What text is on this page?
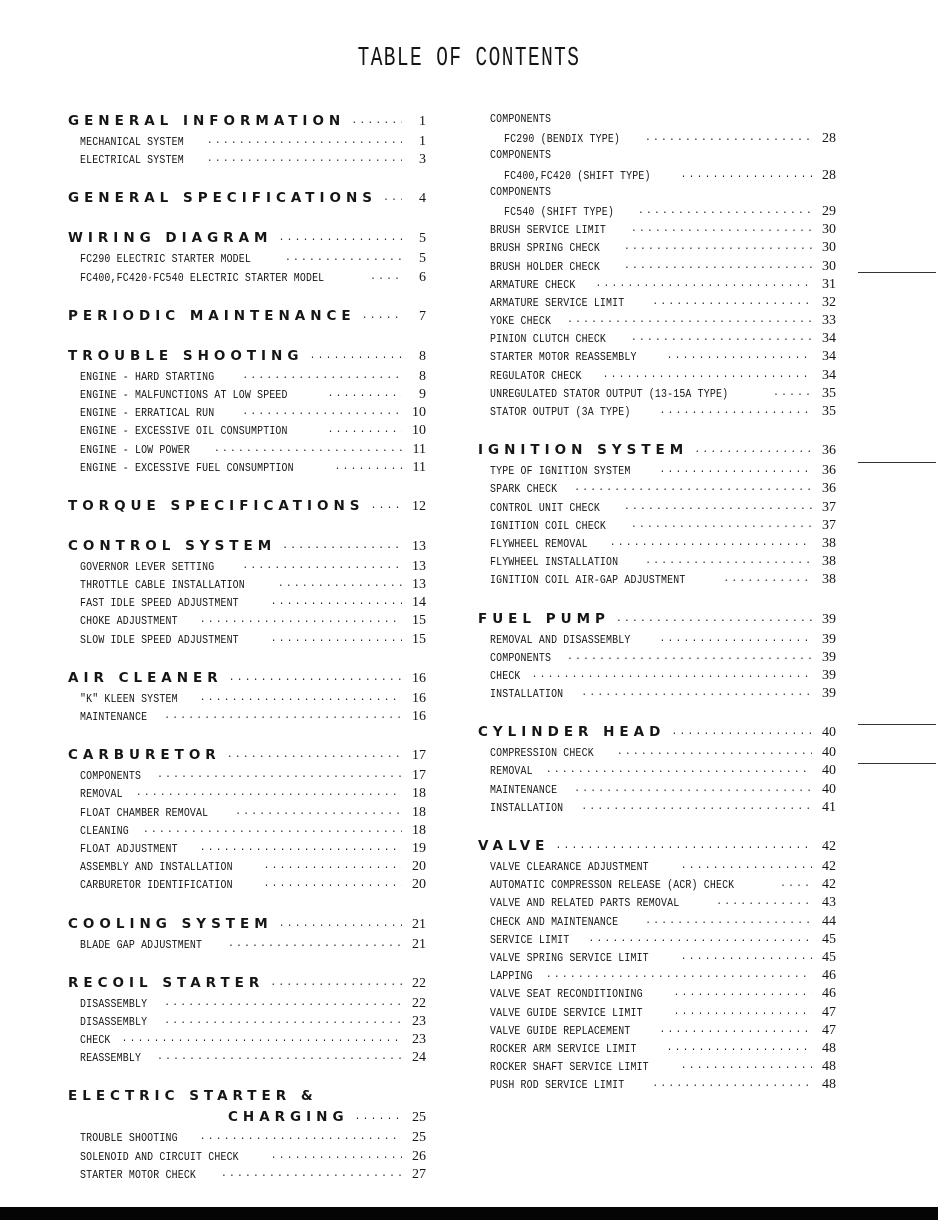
TABLE OF CONTENTS
GENERAL INFORMATION ·····	1
MECHANICAL SYSTEM ·····	1
ELECTRICAL SYSTEM ·····	3
GENERAL SPECIFICATIONS ·····	4
WIRING DIAGRAM ·····	5
FC290 ELECTRIC STARTER MODEL ·····	5
FC400,FC420·FC540 ELECTRIC STARTER MODEL ·····	6
PERIODIC MAINTENANCE ·····	7
TROUBLE SHOOTING ·····	8
ENGINE - HARD STARTING ·····	8
ENGINE - MALFUNCTIONS AT LOW SPEED ·····	9
ENGINE - ERRATICAL RUN ·····	10
ENGINE - EXCESSIVE OIL CONSUMPTION ·····	10
ENGINE - LOW POWER ·····	11
ENGINE - EXCESSIVE FUEL CONSUMPTION ·····	11
TORQUE SPECIFICATIONS ·····	12
CONTROL SYSTEM ·····	13
GOVERNOR LEVER SETTING ·····	13
THROTTLE CABLE INSTALLATION ·····	13
FAST IDLE SPEED ADJUSTMENT ·····	14
CHOKE ADJUSTMENT ·····	15
SLOW IDLE SPEED ADJUSTMENT ·····	15
AIR CLEANER ·····	16
"K" KLEEN SYSTEM ·····	16
MAINTENANCE ·····	16
CARBURETOR ·····	17
COMPONENTS ·····	17
REMOVAL ·····	18
FLOAT CHAMBER REMOVAL ·····	18
CLEANING ·····	18
FLOAT ADJUSTMENT ·····	19
ASSEMBLY AND INSTALLATION ·····	20
CARBURETOR IDENTIFICATION ·····	20
COOLING SYSTEM ·····	21
BLADE GAP ADJUSTMENT ·····	21
RECOIL STARTER ·····	22
DISASSEMBLY ·····	22
DISASSEMBLY ·····	23
CHECK ·····	23
REASSEMBLY ·····	24
ELECTRIC STARTER &
CHARGING ·····	25
TROUBLE SHOOTING ·····	25
SOLENOID AND CIRCUIT CHECK ·····	26
STARTER MOTOR CHECK ·····	27
COMPONENTS
FC290 (BENDIX TYPE) ·····	28
COMPONENTS
FC400,FC420 (SHIFT TYPE) ·····	28
COMPONENTS
FC540 (SHIFT TYPE) ·····	29
BRUSH SERVICE LIMIT ·····	30
BRUSH SPRING CHECK ·····	30
BRUSH HOLDER CHECK ·····	30
ARMATURE CHECK ·····	31
ARMATURE SERVICE LIMIT ·····	32
YOKE CHECK ·····	33
PINION CLUTCH CHECK ·····	34
STARTER MOTOR REASSEMBLY ·····	34
REGULATOR CHECK ·····	34
UNREGULATED STATOR OUTPUT (13-15A TYPE) ·····	35
STATOR OUTPUT (3A TYPE) ·····	35
IGNITION SYSTEM ·····	36
TYPE OF IGNITION SYSTEM ·····	36
SPARK CHECK ·····	36
CONTROL UNIT CHECK ·····	37
IGNITION COIL CHECK ·····	37
FLYWHEEL REMOVAL ·····	38
FLYWHEEL INSTALLATION ·····	38
IGNITION COIL AIR-GAP ADJUSTMENT ·····	38
FUEL PUMP ·····	39
REMOVAL AND DISASSEMBLY ·····	39
COMPONENTS ·····	39
CHECK ·····	39
INSTALLATION ·····	39
CYLINDER HEAD ·····	40
COMPRESSION CHECK ·····	40
REMOVAL ·····	40
MAINTENANCE ·····	40
INSTALLATION ·····	41
VALVE ·····	42
VALVE CLEARANCE ADJUSTMENT ·····	42
AUTOMATIC COMPRESSON RELEASE (ACR) CHECK ·····	42
VALVE AND RELATED PARTS REMOVAL ·····	43
CHECK AND MAINTENANCE ·····	44
SERVICE LIMIT ·····	45
VALVE SPRING SERVICE LIMIT ·····	45
LAPPING ·····	46
VALVE SEAT RECONDITIONING ·····	46
VALVE GUIDE SERVICE LIMIT ·····	47
VALVE GUIDE REPLACEMENT ·····	47
ROCKER ARM SERVICE LIMIT ·····	48
ROCKER SHAFT SERVICE LIMIT ·····	48
PUSH ROD SERVICE LIMIT ·····	48
